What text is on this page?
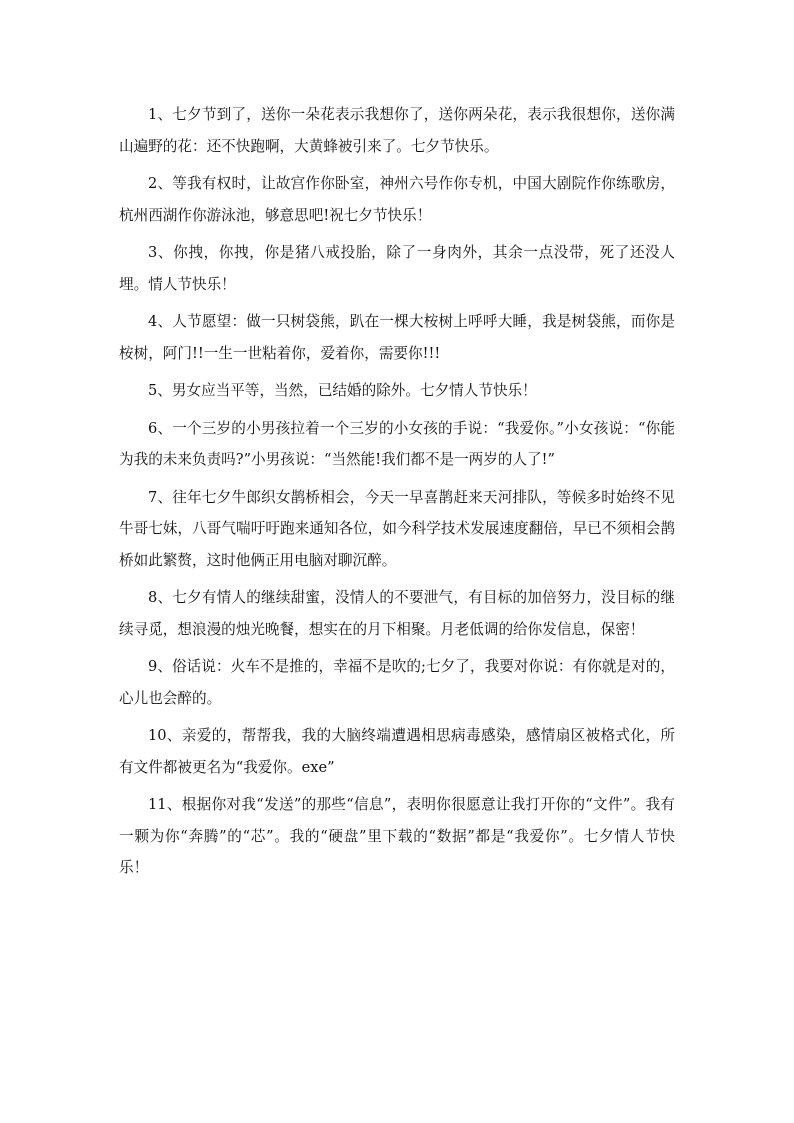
1、七夕节到了，送你一朵花表示我想你了，送你两朵花，表示我很想你，送你满山遍野的花：还不快跑啊，大黄蜂被引来了。七夕节快乐。

2、等我有权时，让故宫作你卧室，神州六号作你专机，中国大剧院作你练歌房，杭州西湖作你游泳池，够意思吧!祝七夕节快乐！

3、你拽，你拽，你是猪八戒投胎，除了一身肉外，其余一点没带，死了还没人埋。情人节快乐！

4、人节愿望：做一只树袋熊，趴在一棵大桉树上呼呼大睡，我是树袋熊，而你是桉树，阿门!!一生一世粘着你，爱着你，需要你!!!

5、男女应当平等，当然，已结婚的除外。七夕情人节快乐！

6、一个三岁的小男孩拉着一个三岁的小女孩的手说：“我爱你。”小女孩说：“你能为我的未来负责吗?”小男孩说：“当然能!我们都不是一两岁的人了!”

7、往年七夕牛郎织女鹊桥相会，今天一早喜鹊赶来天河排队，等候多时始终不见牛哥七妹，八哥气喘吁吁跑来通知各位，如今科学技术发展速度翻倍，早已不须相会鹊桥如此繁赘，这时他俩正用电脑对聊沉醉。

8、七夕有情人的继续甜蜜，没情人的不要泄气，有目标的加倍努力，没目标的继续寻觅，想浪漫的烛光晚餐，想实在的月下相聚。月老低调的给你发信息，保密！

9、俗话说：火车不是推的，幸福不是吹的;七夕了，我要对你说：有你就是对的，心儿也会醉的。

10、亲爱的，帮帮我，我的大脑终端遭遇相思病毒感染，感情扇区被格式化，所有文件都被更名为“我爱你。exe”

11、根据你对我“发送”的那些“信息”，表明你很愿意让我打开你的“文件”。我有一颗为你“奔腾”的“芯”。我的“硬盘”里下载的“数据”都是“我爱你”。七夕情人节快乐！
